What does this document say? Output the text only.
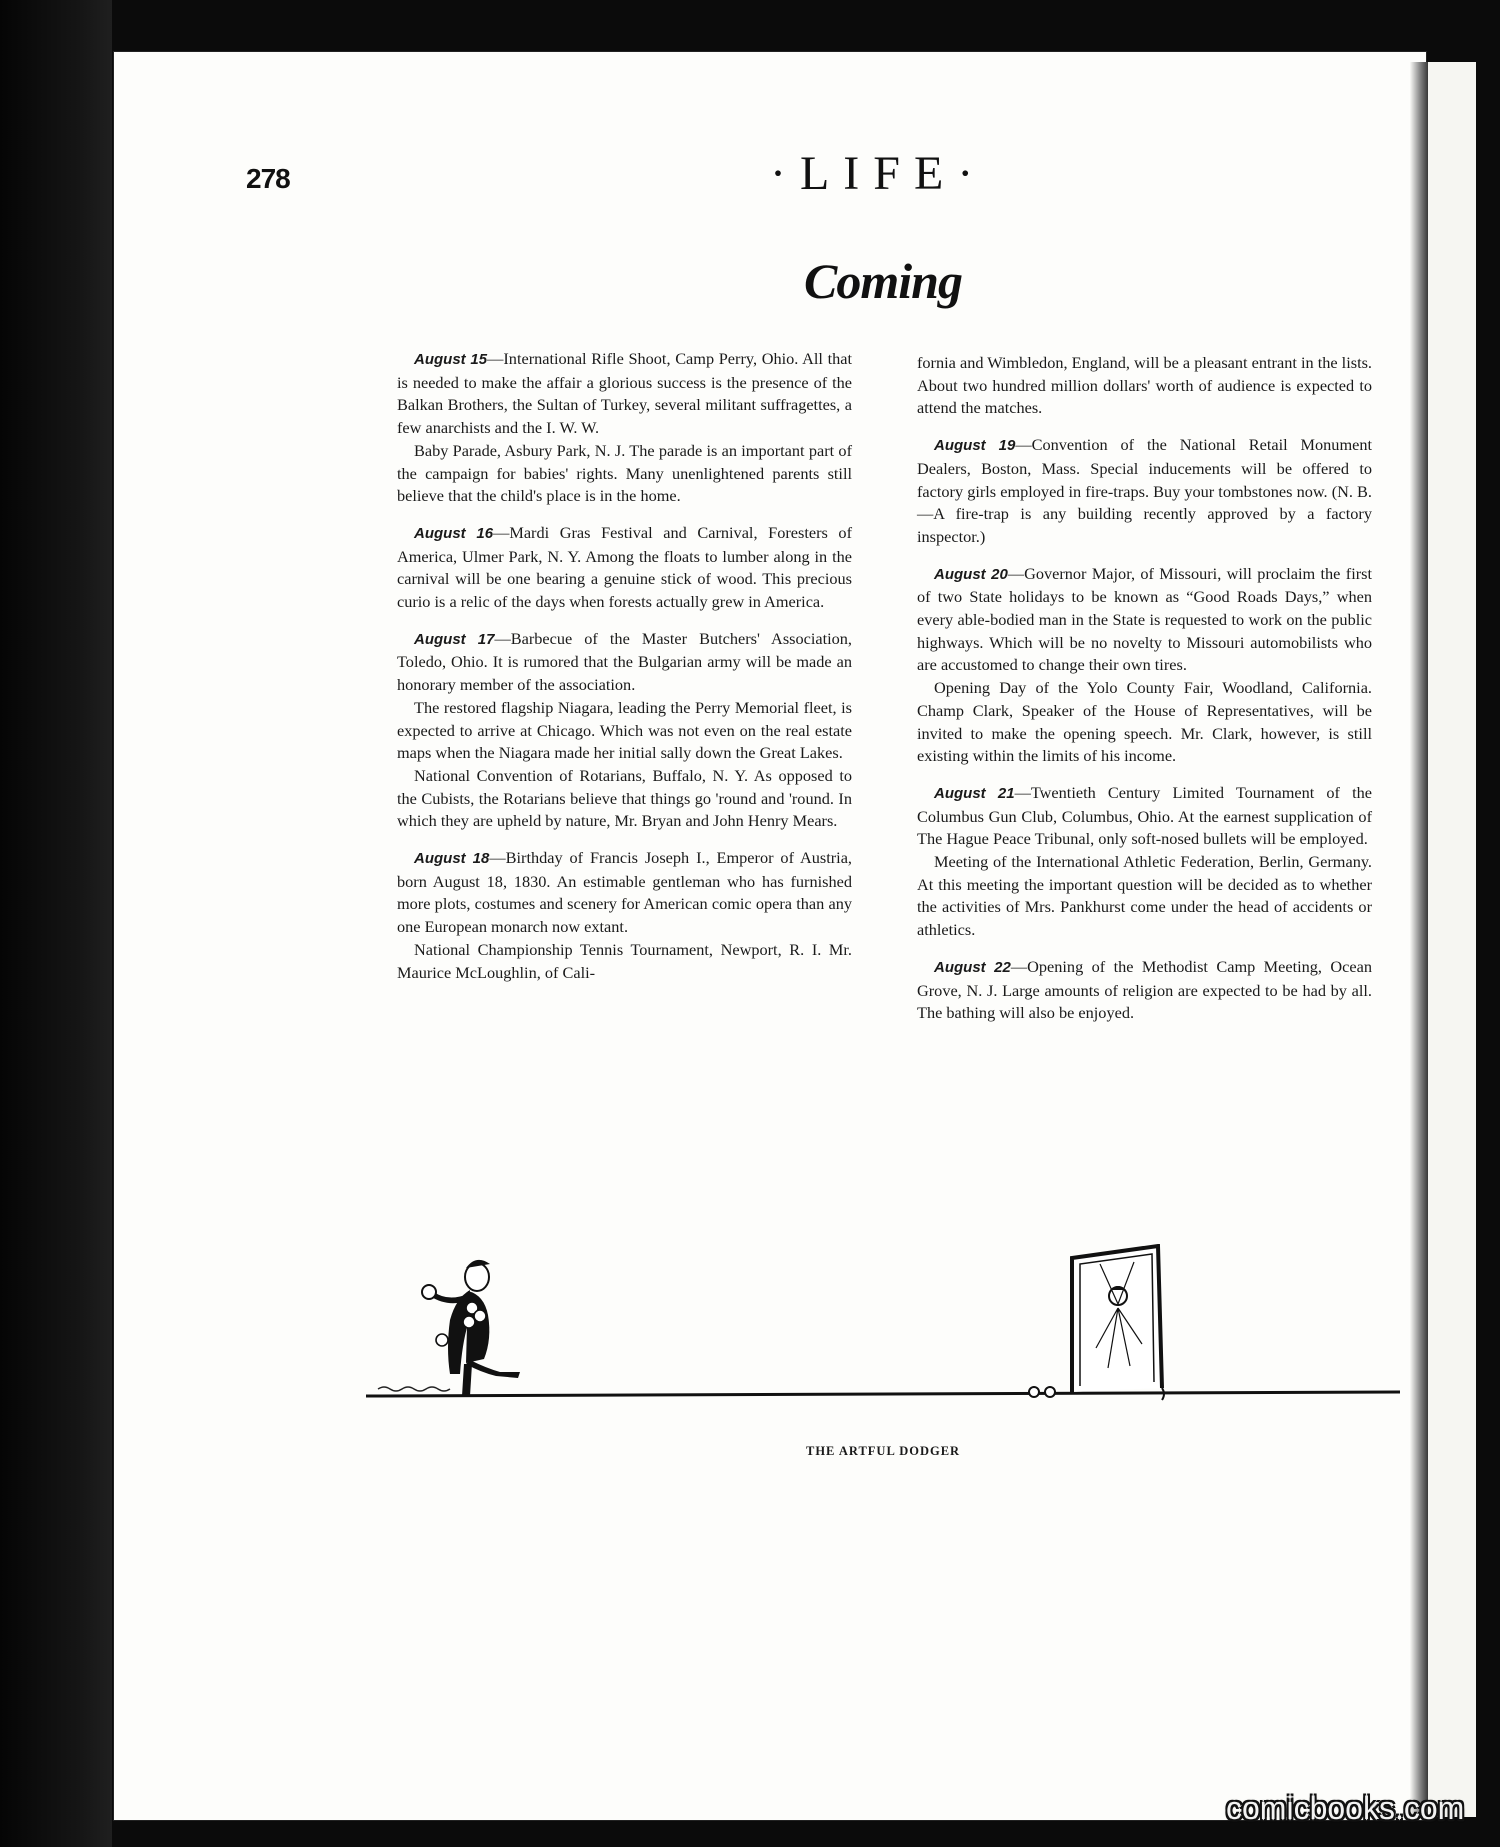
278	·LIFE·
Coming

August 15—International Rifle Shoot, Camp Perry, Ohio. All that is needed to make the affair a glorious success is the presence of the Balkan Brothers, the Sultan of Turkey, several militant suffragettes, a few anarchists and the I. W. W.

Baby Parade, Asbury Park, N. J. The parade is an important part of the campaign for babies' rights. Many unenlightened parents still believe that the child's place is in the home.

August 16—Mardi Gras Festival and Carnival, Foresters of America, Ulmer Park, N. Y. Among the floats to lumber along in the carnival will be one bearing a genuine stick of wood. This precious curio is a relic of the days when forests actually grew in America.

August 17—Barbecue of the Master Butchers' Association, Toledo, Ohio. It is rumored that the Bulgarian army will be made an honorary member of the association.

The restored flagship Niagara, leading the Perry Memorial fleet, is expected to arrive at Chicago. Which was not even on the real estate maps when the Niagara made her initial sally down the Great Lakes.

National Convention of Rotarians, Buffalo, N. Y. As opposed to the Cubists, the Rotarians believe that things go 'round and 'round. In which they are upheld by nature, Mr. Bryan and John Henry Mears.

August 18—Birthday of Francis Joseph I., Emperor of Austria, born August 18, 1830. An estimable gentleman who has furnished more plots, costumes and scenery for American comic opera than any one European monarch now extant.

National Championship Tennis Tournament, Newport, R. I. Mr. Maurice McLoughlin, of Cali-

fornia and Wimbledon, England, will be a pleasant entrant in the lists. About two hundred million dollars' worth of audience is expected to attend the matches.

August 19—Convention of the National Retail Monument Dealers, Boston, Mass. Special inducements will be offered to factory girls employed in fire-traps. Buy your tombstones now. (N. B.—A fire-trap is any building recently approved by a factory inspector.)

August 20—Governor Major, of Missouri, will proclaim the first of two State holidays to be known as “Good Roads Days,” when every able-bodied man in the State is requested to work on the public highways. Which will be no novelty to Missouri automobilists who are accustomed to change their own tires.

Opening Day of the Yolo County Fair, Woodland, California. Champ Clark, Speaker of the House of Representatives, will be invited to make the opening speech. Mr. Clark, however, is still existing within the limits of his income.

August 21—Twentieth Century Limited Tournament of the Columbus Gun Club, Columbus, Ohio. At the earnest supplication of The Hague Peace Tribunal, only soft-nosed bullets will be employed.

Meeting of the International Athletic Federation, Berlin, Germany. At this meeting the important question will be decided as to whether the activities of Mrs. Pankhurst come under the head of accidents or athletics.

August 22—Opening of the Methodist Camp Meeting, Ocean Grove, N. J. Large amounts of religion are expected to be had by all. The bathing will also be enjoyed.

THE ARTFUL DODGER
comicbooks.com
